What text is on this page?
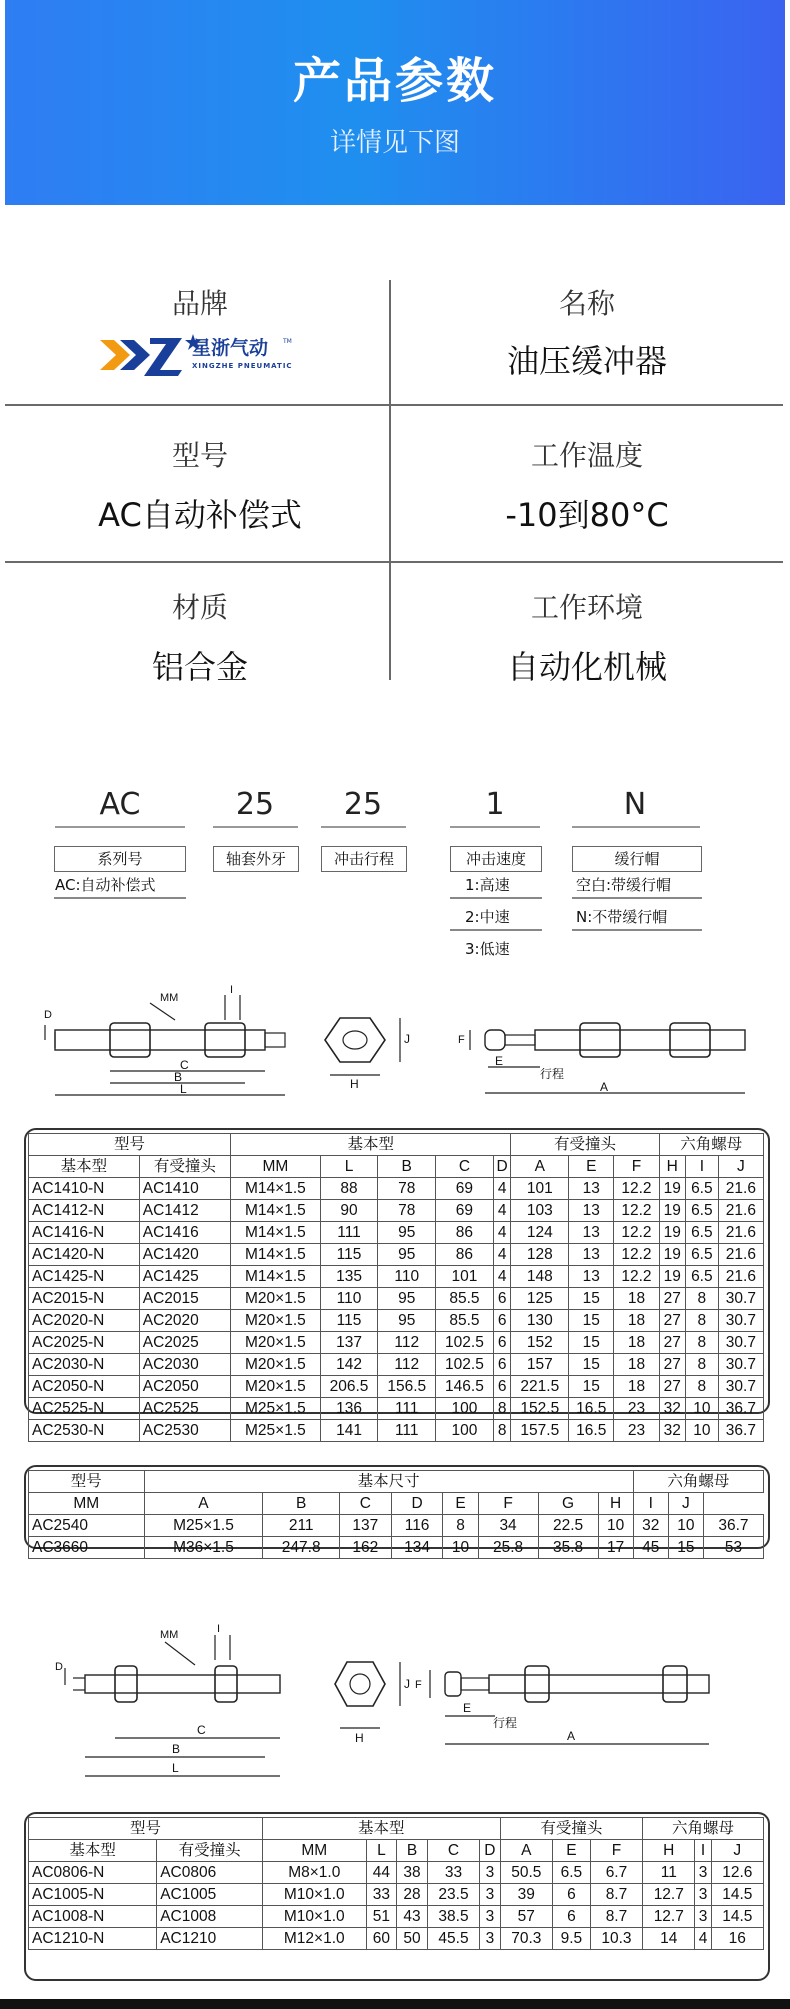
产品参数
详情见下图
品牌
星浙气动
XINGZHE PNEUMATIC
TM
名称
油压缓冲器
型号
AC自动补偿式
工作温度
-10到80°C
材质
铝合金
工作环境
自动化机械
AC	25	25	1	N
系列号	轴套外牙	冲击行程	冲击速度	缓行帽
AC:自动补偿式	1:高速
2:中速
3:低速
空白:带缓行帽
N:不带缓行帽
D
MM
I
C
B
L
J
H
F
E
行程
A
型号		基本型					有受撞头			六角螺母		
基本型	有受撞头	MM	L	B	C	D	A	E	F	H	I	J
AC1410-N	AC1410	M14×1.5	88	78	69	4	101	13	12.2	19	6.5	21.6
AC1412-N	AC1412	M14×1.5	90	78	69	4	103	13	12.2	19	6.5	21.6
AC1416-N	AC1416	M14×1.5	111	95	86	4	124	13	12.2	19	6.5	21.6
AC1420-N	AC1420	M14×1.5	115	95	86	4	128	13	12.2	19	6.5	21.6
AC1425-N	AC1425	M14×1.5	135	110	101	4	148	13	12.2	19	6.5	21.6
AC2015-N	AC2015	M20×1.5	110	95	85.5	6	125	15	18	27	8	30.7
AC2020-N	AC2020	M20×1.5	115	95	85.5	6	130	15	18	27	8	30.7
AC2025-N	AC2025	M20×1.5	137	112	102.5	6	152	15	18	27	8	30.7
AC2030-N	AC2030	M20×1.5	142	112	102.5	6	157	15	18	27	8	30.7
AC2050-N	AC2050	M20×1.5	206.5	156.5	146.5	6	221.5	15	18	27	8	30.7
AC2525-N	AC2525	M25×1.5	136	111	100	8	152.5	16.5	23	32	10	36.7
AC2530-N	AC2530	M25×1.5	141	111	100	8	157.5	16.5	23	32	10	36.7
型号	基本尺寸								六角螺母		
MM	A	B	C	D	E	F	G	H	I	J	
AC2540	M25×1.5	211	137	116	8	34	22.5	10	32	10	36.7
AC3660	M36×1.5	247.8	162	134	10	25.8	35.8	17	45	15	53
D
MM	I
C
B
L
J
H
F
E
行程
A
型号		基本型					有受撞头			六角螺母		
基本型	有受撞头	MM	L	B	C	D	A	E	F	H	I	J
AC0806-N	AC0806	M8×1.0	44	38	33	3	50.5	6.5	6.7	11	3	12.6
AC1005-N	AC1005	M10×1.0	33	28	23.5	3	39	6	8.7	12.7	3	14.5
AC1008-N	AC1008	M10×1.0	51	43	38.5	3	57	6	8.7	12.7	3	14.5
AC1210-N	AC1210	M12×1.0	60	50	45.5	3	70.3	9.5	10.3	14	4	16
